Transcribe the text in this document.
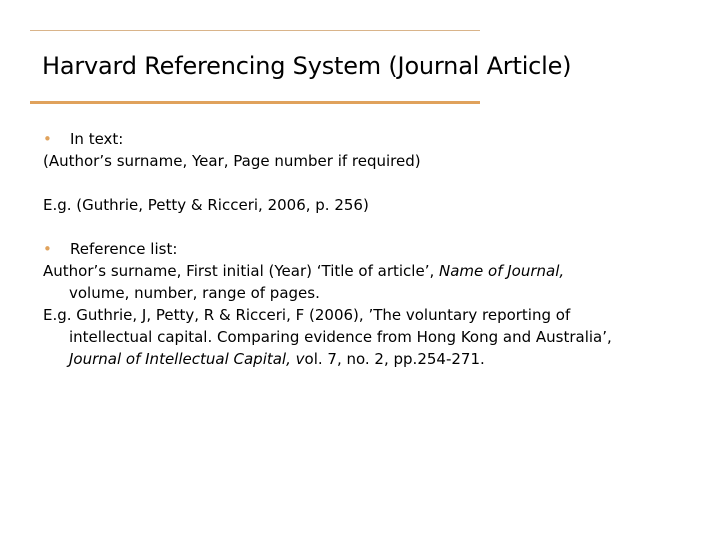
Harvard Referencing System (Journal Article)
•	In text:
(Author’s surname, Year, Page number if required)
E.g. (Guthrie, Petty & Ricceri, 2006, p. 256)
•	Reference list:
Author’s surname, First initial (Year) ‘Title of article’, Name of Journal,
volume, number, range of pages.
E.g. Guthrie, J, Petty, R & Ricceri, F (2006), ’The voluntary reporting of
intellectual capital. Comparing evidence from Hong Kong and Australia’,
Journal of Intellectual Capital, vol. 7, no. 2, pp.254-271.
